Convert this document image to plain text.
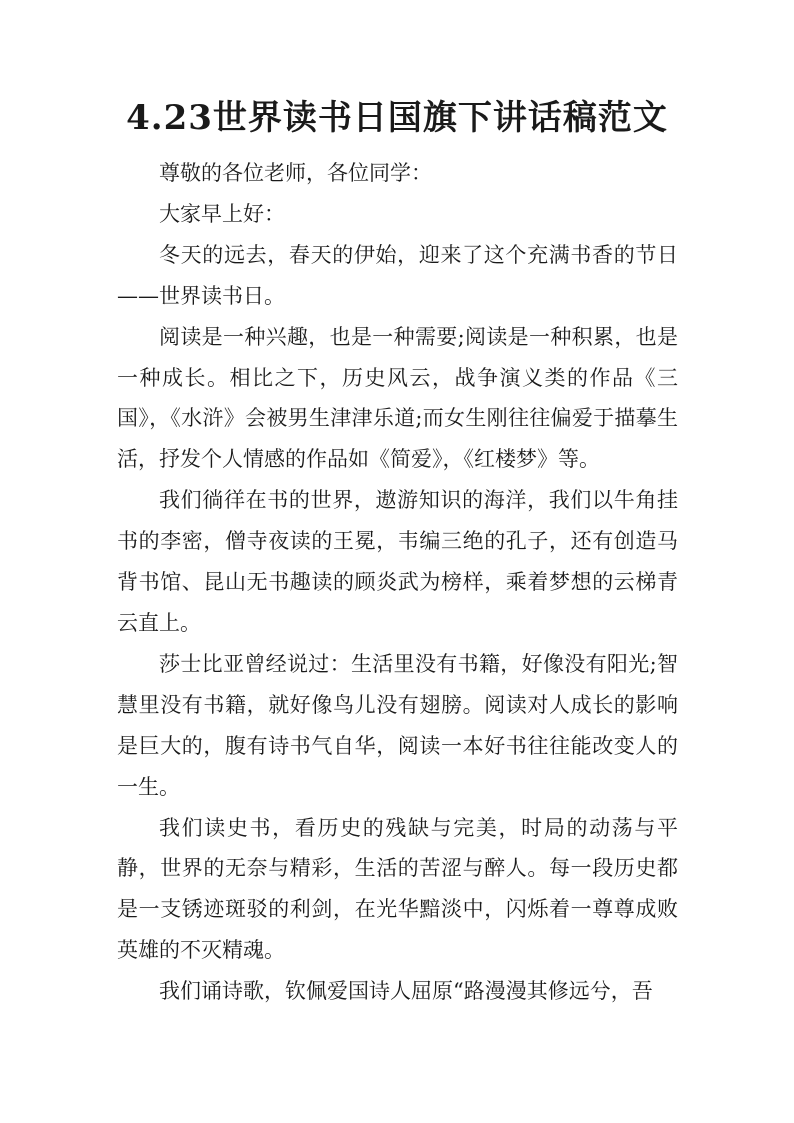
4.23世界读书日国旗下讲话稿范文

尊敬的各位老师，各位同学：

大家早上好：

冬天的远去，春天的伊始，迎来了这个充满书香的节日——世界读书日。

阅读是一种兴趣，也是一种需要;阅读是一种积累，也是一种成长。相比之下，历史风云，战争演义类的作品《三国》，《水浒》会被男生津津乐道;而女生刚往往偏爱于描摹生活，抒发个人情感的作品如《简爱》，《红楼梦》等。

我们徜徉在书的世界，遨游知识的海洋，我们以牛角挂书的李密，僧寺夜读的王冕，韦编三绝的孔子，还有创造马背书馆、昆山无书趣读的顾炎武为榜样，乘着梦想的云梯青云直上。

莎士比亚曾经说过：生活里没有书籍，好像没有阳光;智慧里没有书籍，就好像鸟儿没有翅膀。阅读对人成长的影响是巨大的，腹有诗书气自华，阅读一本好书往往能改变人的一生。

我们读史书，看历史的残缺与完美，时局的动荡与平静，世界的无奈与精彩，生活的苦涩与醉人。每一段历史都是一支锈迹斑驳的利剑，在光华黯淡中，闪烁着一尊尊成败英雄的不灭精魂。

我们诵诗歌，钦佩爱国诗人屈原“路漫漫其修远兮，吾
